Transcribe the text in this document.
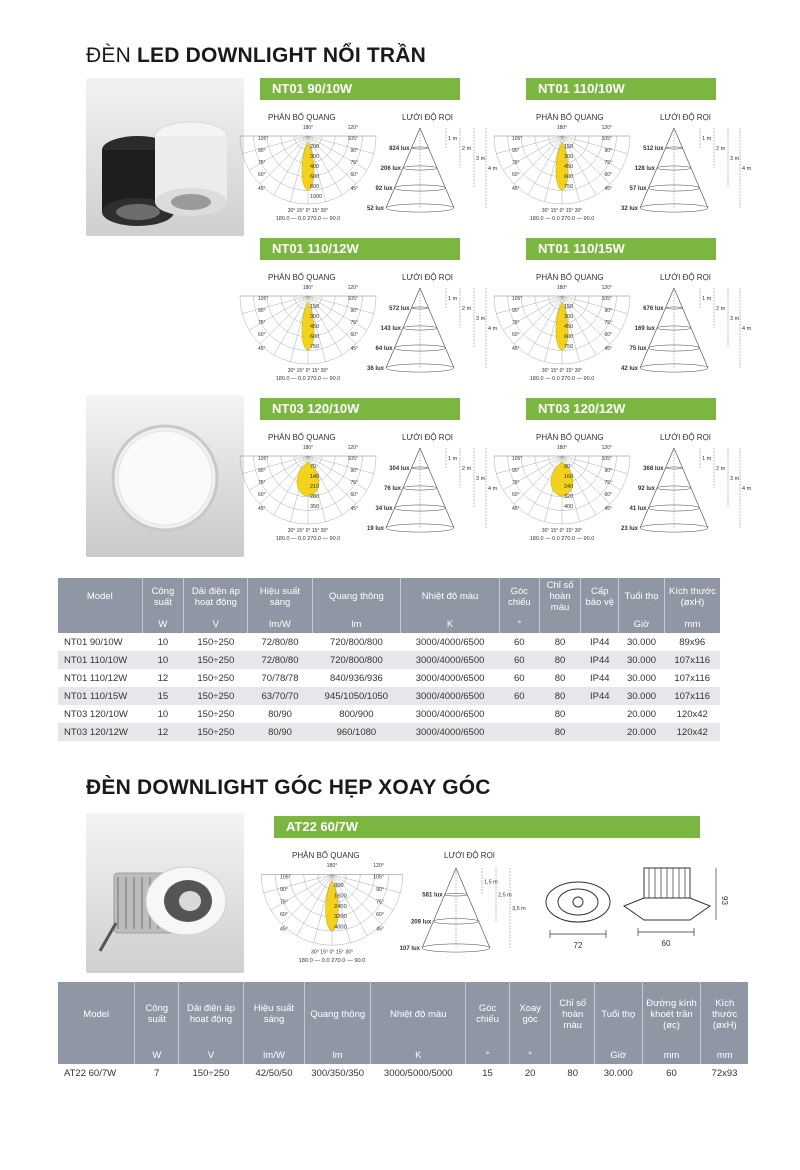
ĐÈN LED DOWNLIGHT NỔI TRẦN
NT01 90/10W	NT01 110/10W
NT01 110/12W	NT01 110/15W
NT03 120/10W	NT03 120/12W
PHÂN BỐ QUANG	LƯỚI ĐỘ RỌI	PHÂN BỐ QUANG	LƯỚI ĐỘ RỌI
PHÂN BỐ QUANG	LƯỚI ĐỘ RỌI	PHÂN BỐ QUANG	LƯỚI ĐỘ RỌI
PHÂN BỐ QUANG	LƯỚI ĐỘ RỌI	PHÂN BỐ QUANG	LƯỚI ĐỘ RỌI
105°
90°
75°
60°
45°
120°
105°
90°
75°
60°
45°
180°
200
300
400
600
800
1000
30° 15° 0° 15° 30°
180.0 — 0.0 270.0 — 90.0
824 lux
206 lux
92 lux
52 lux
1 m
2 m
3 m
4 m
105°
90°
75°
60°
45°
120°
105°
90°
75°
60°
45°
180°
150
300
450
600
750
30° 15° 0° 15° 30°
180.0 — 0.0 270.0 — 90.0
512 lux
128 lux
57 lux
32 lux
1 m
2 m
3 m
4 m
105°
90°
75°
60°
45°
120°
105°
90°
75°
60°
45°
180°
150
300
450
600
750
30° 15° 0° 15° 30°
180.0 — 0.0 270.0 — 90.0
572 lux
143 lux
64 lux
36 lux
1 m
2 m
3 m
4 m
105°
90°
75°
60°
45°
120°
105°
90°
75°
60°
45°
180°
150
300
450
600
750
30° 15° 0° 15° 30°
180.0 — 0.0 270.0 — 90.0
676 lux
169 lux
75 lux
42 lux
1 m
2 m
3 m
4 m
105°
90°
75°
60°
45°
120°
105°
90°
75°
60°
45°
180°
70
140
210
280
350
30° 15° 0° 15° 30°
180.0 — 0.0 270.0 — 90.0
304 lux
76 lux
34 lux
19 lux
1 m
2 m
3 m
4 m
105°
90°
75°
60°
45°
120°
105°
90°
75°
60°
45°
180°
80
160
240
320
400
30° 15° 0° 15° 30°
180.0 — 0.0 270.0 — 90.0
368 lux
92 lux
41 lux
23 lux
1 m
2 m
3 m
4 m
Model	Công suất	Dải điện áp hoạt động	Hiệu suất sáng	Quang thông	Nhiệt độ màu	Góc chiếu	Chỉ số hoàn màu	Cấp bảo vệ	Tuổi thọ	Kích thước (øxH)
	W	V	lm/W	lm	K	°			Giờ	mm
NT01 90/10W	10	150÷250	72/80/80	720/800/800	3000/4000/6500	60	80	IP44	30.000	89x96
NT01 110/10W	10	150÷250	72/80/80	720/800/800	3000/4000/6500	60	80	IP44	30.000	107x116
NT01 110/12W	12	150÷250	70/78/78	840/936/936	3000/4000/6500	60	80	IP44	30.000	107x116
NT01 110/15W	15	150÷250	63/70/70	945/1050/1050	3000/4000/6500	60	80	IP44	30.000	107x116
NT03 120/10W	10	150÷250	80/90	800/900	3000/4000/6500		80		20.000	120x42
NT03 120/12W	12	150÷250	80/90	960/1080	3000/4000/6500		80		20.000	120x42
ĐÈN DOWNLIGHT GÓC HẸP XOAY GÓC
AT22 60/7W
PHÂN BỐ QUANG	LƯỚI ĐỘ RỌI
105°
90°
75°
60°
45°
120°
105°
90°
75°
60°
45°
180°
800
1600
2400
3200
4000
30° 15° 0° 15° 30°
180.0 — 0.0 270.0 — 90.0
581 lux
209 lux
107 lux
1,5 m
2,5 m
3,5 m
72	60
93
Model	Công suất	Dải điện áp hoạt động	Hiệu suất sáng	Quang thông	Nhiệt độ màu	Góc chiếu	Xoay góc	Chỉ số hoàn màu	Tuổi thọ	Đường kính khoét trần (øc)	Kích thước (øxH)
	W	V	lm/W	lm	K	°	°		Giờ	mm	mm
AT22 60/7W	7	150÷250	42/50/50	300/350/350	3000/5000/5000	15	20	80	30.000	60	72x93
